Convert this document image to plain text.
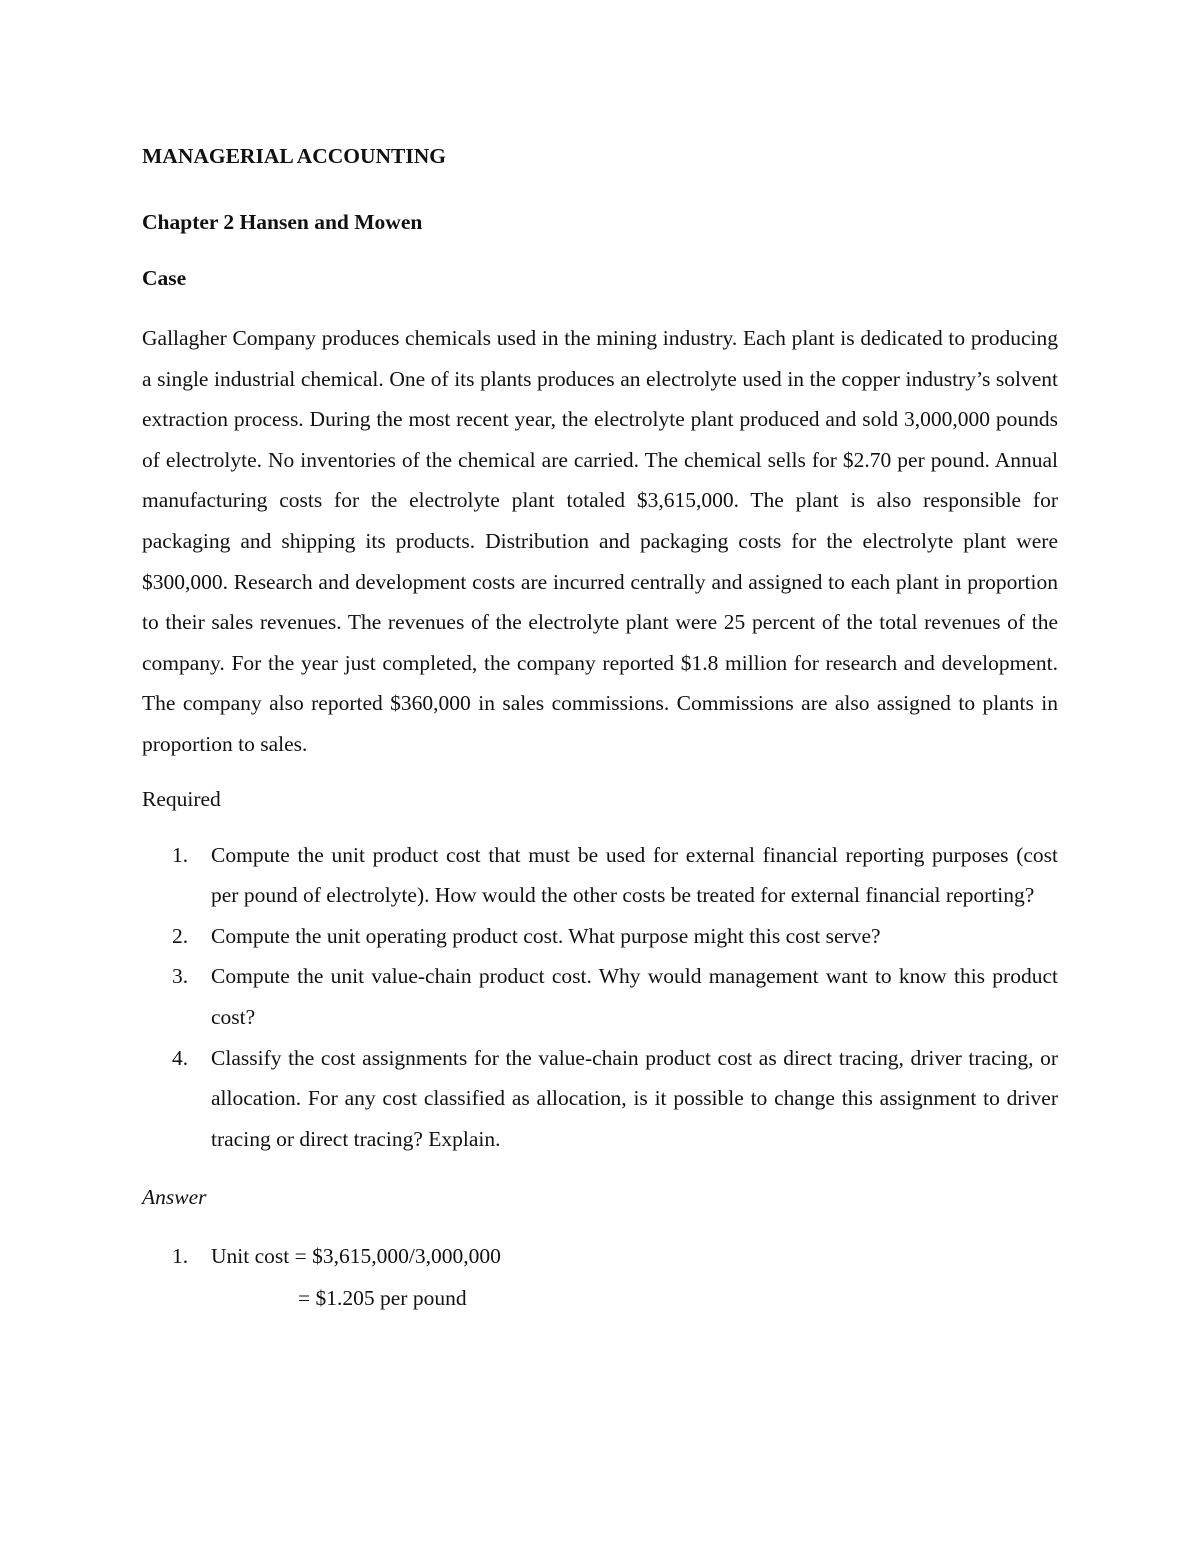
MANAGERIAL ACCOUNTING

Chapter 2 Hansen and Mowen

Case

Gallagher Company produces chemicals used in the mining industry. Each plant is dedicated to producing a single industrial chemical. One of its plants produces an electrolyte used in the copper industry’s solvent extraction process. During the most recent year, the electrolyte plant produced and sold 3,000,000 pounds of electrolyte. No inventories of the chemical are carried. The chemical sells for $2.70 per pound. Annual manufacturing costs for the electrolyte plant totaled $3,615,000. The plant is also responsible for packaging and shipping its products. Distribution and packaging costs for the electrolyte plant were $300,000. Research and development costs are incurred centrally and assigned to each plant in proportion to their sales revenues. The revenues of the electrolyte plant were 25 percent of the total revenues of the company. For the year just completed, the company reported $1.8 million for research and development. The company also reported $360,000 in sales commissions. Commissions are also assigned to plants in proportion to sales.

Required

1. Compute the unit product cost that must be used for external financial reporting purposes (cost per pound of electrolyte). How would the other costs be treated for external financial reporting?
2. Compute the unit operating product cost. What purpose might this cost serve?
3. Compute the unit value-chain product cost. Why would management want to know this product cost?
4. Classify the cost assignments for the value-chain product cost as direct tracing, driver tracing, or allocation. For any cost classified as allocation, is it possible to change this assignment to driver tracing or direct tracing? Explain.

Answer

1. Unit cost = $3,615,000/3,000,000

= $1.205 per pound
